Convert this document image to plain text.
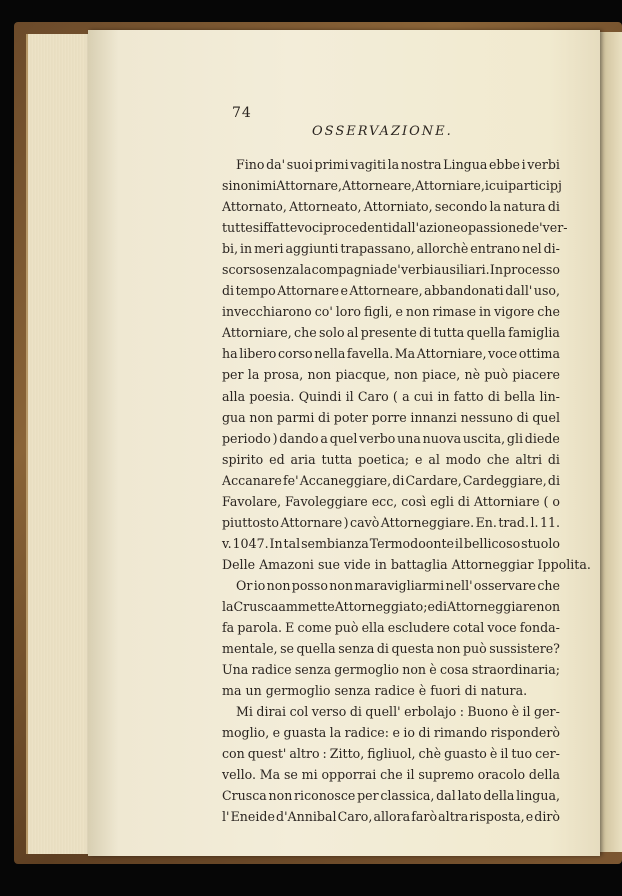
74
OSSERVAZIONE.
Fino da' suoi primi vagiti la nostra Lingua ebbe i verbi
sinonimi Attornare, Attorneare, Attorniare, i cui participj
Attornato, Attorneato, Attorniato, secondo la natura di
tutte siffatte voci procedenti dall' azione o passione de' ver-
bi, in meri aggiunti trapassano, allorchè entrano nel di-
scorso senza la compagnia de' verbi ausiliari. In processo
di tempo Attornare e Attorneare, abbandonati dall' uso,
invecchiarono co' loro figli, e non rimase in vigore che
Attorniare, che solo al presente di tutta quella famiglia
ha libero corso nella favella. Ma Attorniare, voce ottima
per la prosa, non piacque, non piace, nè può piacere
alla poesia. Quindi il Caro ( a cui in fatto di bella lin-
gua non parmi di poter porre innanzi nessuno di quel
periodo ) dando a quel verbo una nuova uscita, gli diede
spirito ed aria tutta poetica; e al modo che altri di
Accanare fe' Accaneggiare, di Cardare, Cardeggiare, di
Favolare, Favoleggiare ecc, così egli di Attorniare ( o
piuttosto Attornare ) cavò Attorneggiare. En. trad. l. 11.
v. 1047. In tal sembianza Termodoonte il bellicoso stuolo
Delle Amazoni sue vide in battaglia Attorneggiar Ippolita.
Or io non posso non maravigliarmi nell' osservare che
la Crusca ammette Attorneggiato; e di Attorneggiare non
fa parola. E come può ella escludere cotal voce fonda-
mentale, se quella senza di questa non può sussistere?
Una radice senza germoglio non è cosa straordinaria;
ma un germoglio senza radice è fuori di natura.
Mi dirai col verso di quell' erbolajo : Buono è il ger-
moglio, e guasta la radice: e io di rimando risponderò
con quest' altro : Zitto, figliuol, chè guasto è il tuo cer-
vello. Ma se mi opporrai che il supremo oracolo della
Crusca non riconosce per classica, dal lato della lingua,
l' Eneide d'Annibal Caro, allora farò altra risposta, e dirò
